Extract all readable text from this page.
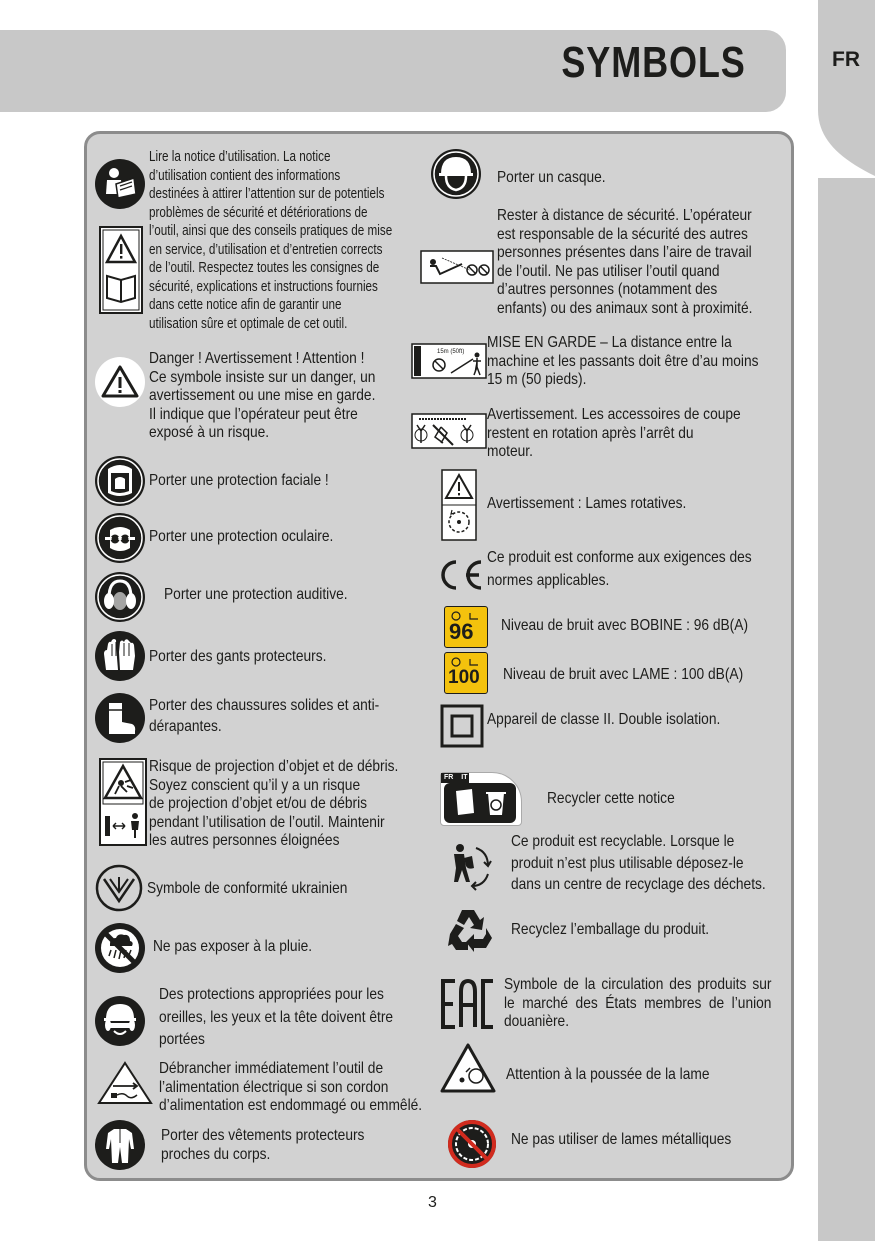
FR
SYMBOLS
Lire la notice d’utilisation. La notice
d’utilisation contient des informations
destinées à attirer l’attention sur de potentiels
problèmes de sécurité et détériorations de
l’outil, ainsi que des conseils pratiques de mise
en service, d’utilisation et d’entretien corrects
de l’outil. Respectez toutes les consignes de
sécurité, explications et instructions fournies
dans cette notice afin de garantir une
utilisation sûre et optimale de cet outil.
Danger ! Avertissement ! Attention !
Ce symbole insiste sur un danger, un
avertissement ou une mise en garde.
Il indique que l’opérateur peut être
exposé à un risque.
Porter une protection faciale !
Porter une protection oculaire.
Porter une protection auditive.
Porter des gants protecteurs.
Porter des chaussures solides et anti-
dérapantes.
Risque de projection d’objet et de débris.
Soyez conscient qu’il y a un risque
de projection d’objet et/ou de débris
pendant l’utilisation de l’outil. Maintenir
les autres personnes éloignées
Symbole de conformité ukrainien
Ne pas exposer à la pluie.
Des protections appropriées pour les
oreilles, les yeux et la tête doivent être
portées
Débrancher immédiatement l’outil de
l’alimentation électrique si son cordon
d’alimentation est endommagé ou emmêlé.
Porter des vêtements protecteurs
proches du corps.
Porter un casque.
Rester à distance de sécurité. L’opérateur
est responsable de la sécurité des autres
personnes présentes dans l’aire de travail
de l’outil. Ne pas utiliser l’outil quand
d’autres personnes (notamment des
enfants) ou des animaux sont à proximité.
15m (50ft)
MISE EN GARDE – La distance entre la
machine et les passants doit être d’au moins
15 m (50 pieds).
Avertissement. Les accessoires de coupe
restent en rotation après l’arrêt du
moteur.
Avertissement : Lames rotatives.
Ce produit est conforme aux exigences des
normes applicables.
96 Niveau de bruit avec BOBINE : 96 dB(A)
100 Niveau de bruit avec LAME : 100 dB(A)
Appareil de classe II. Double isolation.
FR IT
Recycler cette notice
Ce produit est recyclable. Lorsque le
produit n’est plus utilisable déposez-le
dans un centre de recyclage des déchets.
Recyclez l’emballage du produit.
Symbole de la circulation des produits sur
le marché des États membres de l’union
douanière.
Attention à la poussée de la lame
Ne pas utiliser de lames métalliques
3
